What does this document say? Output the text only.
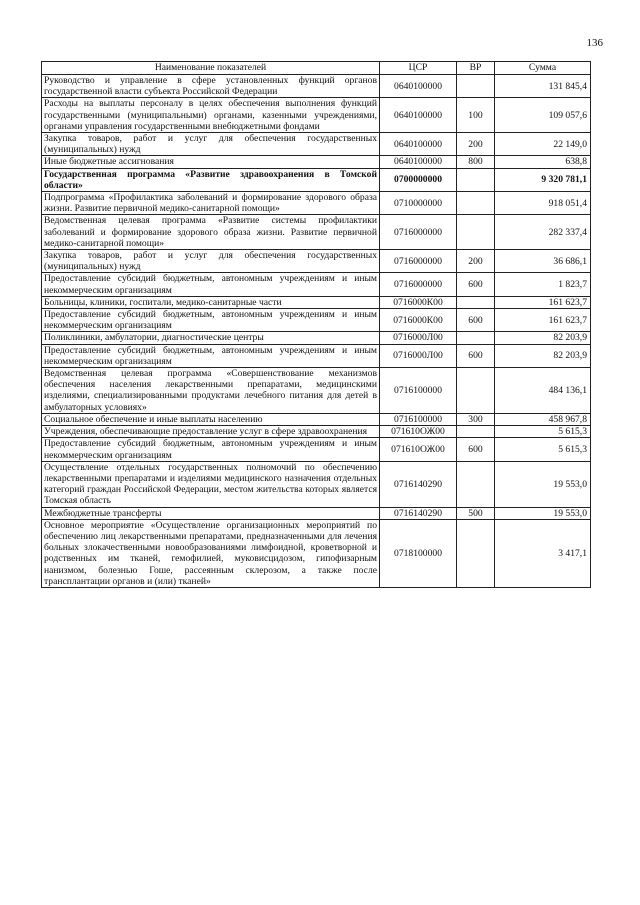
136
Наименование показателей	ЦСР	ВР	Сумма
Руководство и управление в сфере установленных функций органов государственной власти субъекта Российской Федерации	0640100000		131 845,4
Расходы на выплаты персоналу в целях обеспечения выполнения функций государственными (муниципальными) органами, казенными учреждениями, органами управления государственными внебюджетными фондами	0640100000	100	109 057,6
Закупка товаров, работ и услуг для обеспечения государственных (муниципальных) нужд	0640100000	200	22 149,0
Иные бюджетные ассигнования	0640100000	800	638,8
Государственная программа «Развитие здравоохранения в Томской области»	0700000000		9 320 781,1
Подпрограмма «Профилактика заболеваний и формирование здорового образа жизни. Развитие первичной медико-санитарной помощи»	0710000000		918 051,4
Ведомственная целевая программа «Развитие системы профилактики заболеваний и формирование здорового образа жизни. Развитие первичной медико-санитарной помощи»	0716000000		282 337,4
Закупка товаров, работ и услуг для обеспечения государственных (муниципальных) нужд	0716000000	200	36 686,1
Предоставление субсидий бюджетным, автономным учреждениям и иным некоммерческим организациям	0716000000	600	1 823,7
Больницы, клиники, госпитали, медико-санитарные части	0716000К00		161 623,7
Предоставление субсидий бюджетным, автономным учреждениям и иным некоммерческим организациям	0716000К00	600	161 623,7
Поликлиники, амбулатории, диагностические центры	0716000Л00		82 203,9
Предоставление субсидий бюджетным, автономным учреждениям и иным некоммерческим организациям	0716000Л00	600	82 203,9
Ведомственная целевая программа «Совершенствование механизмов обеспечения населения лекарственными препаратами, медицинскими изделиями, специализированными продуктами лечебного питания для детей в амбулаторных условиях»	0716100000		484 136,1
Социальное обеспечение и иные выплаты населению	0716100000	300	458 967,8
Учреждения, обеспечивающие предоставление услуг в сфере здравоохранения	071610ОЖ00		5 615,3
Предоставление субсидий бюджетным, автономным учреждениям и иным некоммерческим организациям	071610ОЖ00	600	5 615,3
Осуществление отдельных государственных полномочий по обеспечению лекарственными препаратами и изделиями медицинского назначения отдельных категорий граждан Российской Федерации, местом жительства которых является Томская область	0716140290		19 553,0
Межбюджетные трансферты	0716140290	500	19 553,0
Основное мероприятие «Осуществление организационных мероприятий по обеспечению лиц лекарственными препаратами, предназначенными для лечения больных злокачественными новообразованиями лимфоидной, кроветворной и родственных им тканей, гемофилией, муковисцидозом, гипофизарным нанизмом, болезнью Гоше, рассеянным склерозом, а также после трансплантации органов и (или) тканей»	0718100000		3 417,1
